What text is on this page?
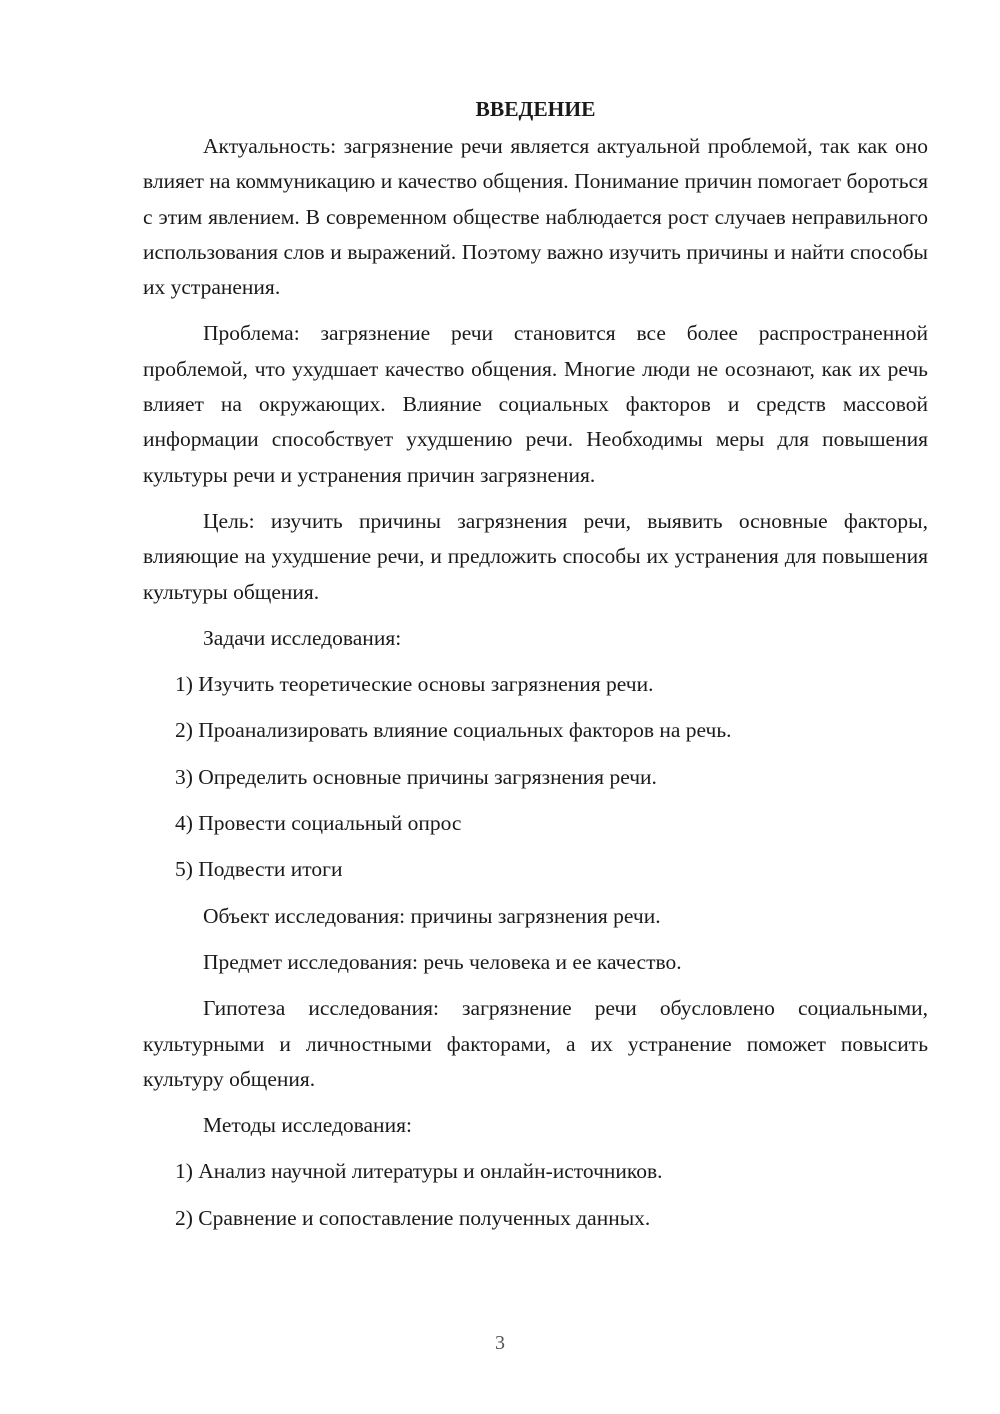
ВВЕДЕНИЕ

Актуальность: загрязнение речи является актуальной проблемой, так как оно влияет на коммуникацию и качество общения. Понимание причин помогает бороться с этим явлением. В современном обществе наблюдается рост случаев неправильного использования слов и выражений. Поэтому важно изучить причины и найти способы их устранения.

Проблема: загрязнение речи становится все более распространенной проблемой, что ухудшает качество общения. Многие люди не осознают, как их речь влияет на окружающих. Влияние социальных факторов и средств массовой информации способствует ухудшению речи. Необходимы меры для повышения культуры речи и устранения причин загрязнения.

Цель: изучить причины загрязнения речи, выявить основные факторы, влияющие на ухудшение речи, и предложить способы их устранения для повышения культуры общения.

Задачи исследования:

1) Изучить теоретические основы загрязнения речи.

2) Проанализировать влияние социальных факторов на речь.

3) Определить основные причины загрязнения речи.

4) Провести социальный опрос

5) Подвести итоги

Объект исследования: причины загрязнения речи.

Предмет исследования: речь человека и ее качество.

Гипотеза исследования: загрязнение речи обусловлено социальными, культурными и личностными факторами, а их устранение поможет повысить культуру общения.

Методы исследования:

1) Анализ научной литературы и онлайн-источников.

2) Сравнение и сопоставление полученных данных.

3
